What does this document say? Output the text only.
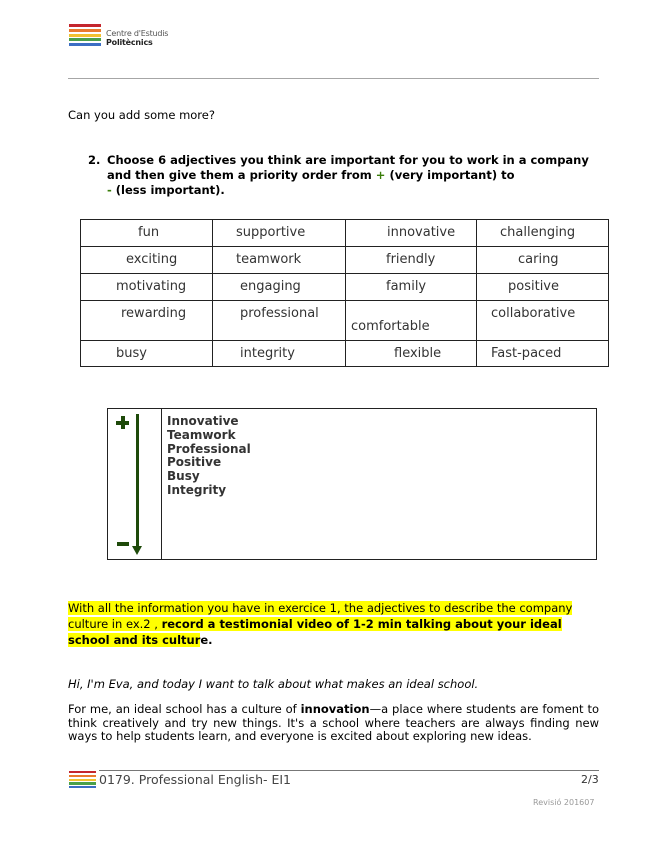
Centre d'Estudis
Politècnics
Can you add some more?
2. Choose 6 adjectives you think are important for you to work in a company and then give them a priority order from + (very important) to
- (less important).
fun	supportive	innovative	challenging

exciting	teamwork	friendly	caring

motivating	engaging	family	positive

rewarding	professional	comfortable	collaborative

busy	integrity	flexible	Fast-paced
Innovative
Teamwork
Professional
Positive
Busy
Integrity
With all the information you have in exercice 1, the adjectives to describe the company culture in ex.2 , record a testimonial video of 1-2 min talking about your ideal school and its culture.
Hi, I'm Eva, and today I want to talk about what makes an ideal school.
For me, an ideal school has a culture of innovation—a place where students are foment to think creatively and try new things. It's a school where teachers are always finding new ways to help students learn, and everyone is excited about exploring new ideas.
0179. Professional English- EI1	2/3
Revisió 201607
